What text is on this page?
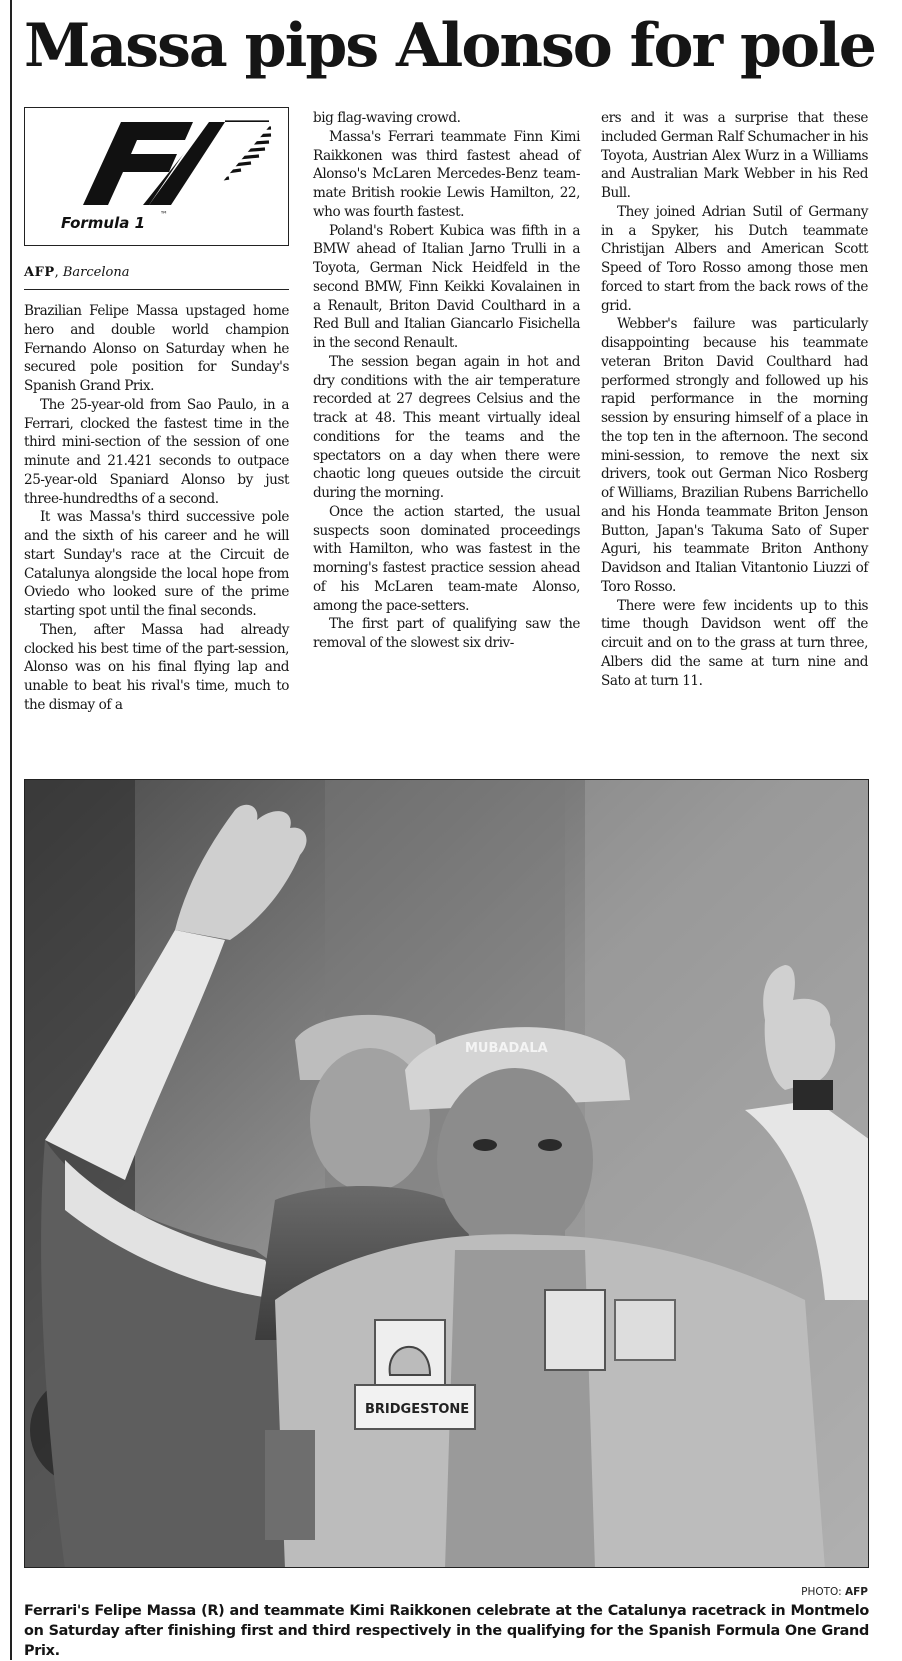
Massa pips Alonso for pole
Formula 1 ™
AFP, Barcelona

Brazilian Felipe Massa upstaged home hero and double world champion Fernando Alonso on Saturday when he secured pole position for Sunday's Spanish Grand Prix.

The 25-year-old from Sao Paulo, in a Ferrari, clocked the fastest time in the third mini-section of the session of one minute and 21.421 seconds to outpace 25-year-old Spaniard Alonso by just three-hundredths of a second.

It was Massa's third successive pole and the sixth of his career and he will start Sunday's race at the Circuit de Catalunya alongside the local hope from Oviedo who looked sure of the prime starting spot until the final seconds.

Then, after Massa had already clocked his best time of the part-session, Alonso was on his final flying lap and unable to beat his rival's time, much to the dismay of a

big flag-waving crowd.

Massa's Ferrari teammate Finn Kimi Raikkonen was third fastest ahead of Alonso's McLaren Mercedes-Benz team-mate British rookie Lewis Hamilton, 22, who was fourth fastest.

Poland's Robert Kubica was fifth in a BMW ahead of Italian Jarno Trulli in a Toyota, German Nick Heidfeld in the second BMW, Finn Keikki Kovalainen in a Renault, Briton David Coulthard in a Red Bull and Italian Giancarlo Fisichella in the second Renault.

The session began again in hot and dry conditions with the air temperature recorded at 27 degrees Celsius and the track at 48. This meant virtually ideal conditions for the teams and the spectators on a day when there were chaotic long queues outside the circuit during the morning.

Once the action started, the usual suspects soon dominated proceedings with Hamilton, who was fastest in the morning's fastest practice session ahead of his McLaren team-mate Alonso, among the pace-setters.

The first part of qualifying saw the removal of the slowest six driv-

ers and it was a surprise that these included German Ralf Schumacher in his Toyota, Austrian Alex Wurz in a Williams and Australian Mark Webber in his Red Bull.

They joined Adrian Sutil of Germany in a Spyker, his Dutch teammate Christijan Albers and American Scott Speed of Toro Rosso among those men forced to start from the back rows of the grid.

Webber's failure was particularly disappointing because his teammate veteran Briton David Coulthard had performed strongly and followed up his rapid performance in the morning session by ensuring himself of a place in the top ten in the afternoon. The second mini-session, to remove the next six drivers, took out German Nico Rosberg of Williams, Brazilian Rubens Barrichello and his Honda teammate Briton Jenson Button, Japan's Takuma Sato of Super Aguri, his teammate Briton Anthony Davidson and Italian Vitantonio Liuzzi of Toro Rosso.

There were few incidents up to this time though Davidson went off the circuit and on to the grass at turn three, Albers did the same at turn nine and Sato at turn 11.

MUBADALA
BRIDGESTONE
PHOTO: AFP
Ferrari's Felipe Massa (R) and teammate Kimi Raikkonen celebrate at the Catalunya racetrack in Montmelo on Saturday after finishing first and third respectively in the qualifying for the Spanish Formula One Grand Prix.
